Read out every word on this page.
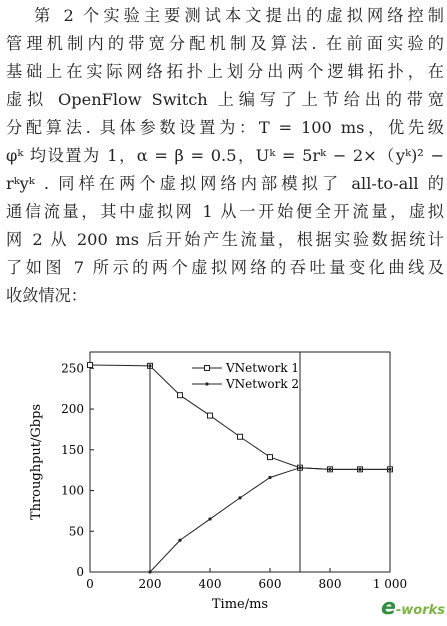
第 2 个实验主要测试本文提出的虚拟网络控制
管理机制内的带宽分配机制及算法. 在前面实验的
基础上在实际网络拓扑上划分出两个逻辑拓扑，在
虚拟 OpenFlow Switch 上编写了上节给出的带宽
分配算法. 具体参数设置为：T = 100 ms，优先级
φᵏ 均设置为 1，α = β = 0.5，Uᵏ = 5rᵏ − 2×（yᵏ)² −
rᵏyᵏ . 同样在两个虚拟网络内部模拟了 all-to-all 的
通信流量，其中虚拟网 1 从一开始便全开流量，虚拟
网 2 从 200 ms 后开始产生流量，根据实验数据统计
了如图 7 所示的两个虚拟网络的吞吐量变化曲线及
收敛情况：
0	200	400	600	800	1 000
0
50
100
150
200
250	VNetwork 1
VNetwork 2
Time/ms
Throughput/Gbps
e-works
